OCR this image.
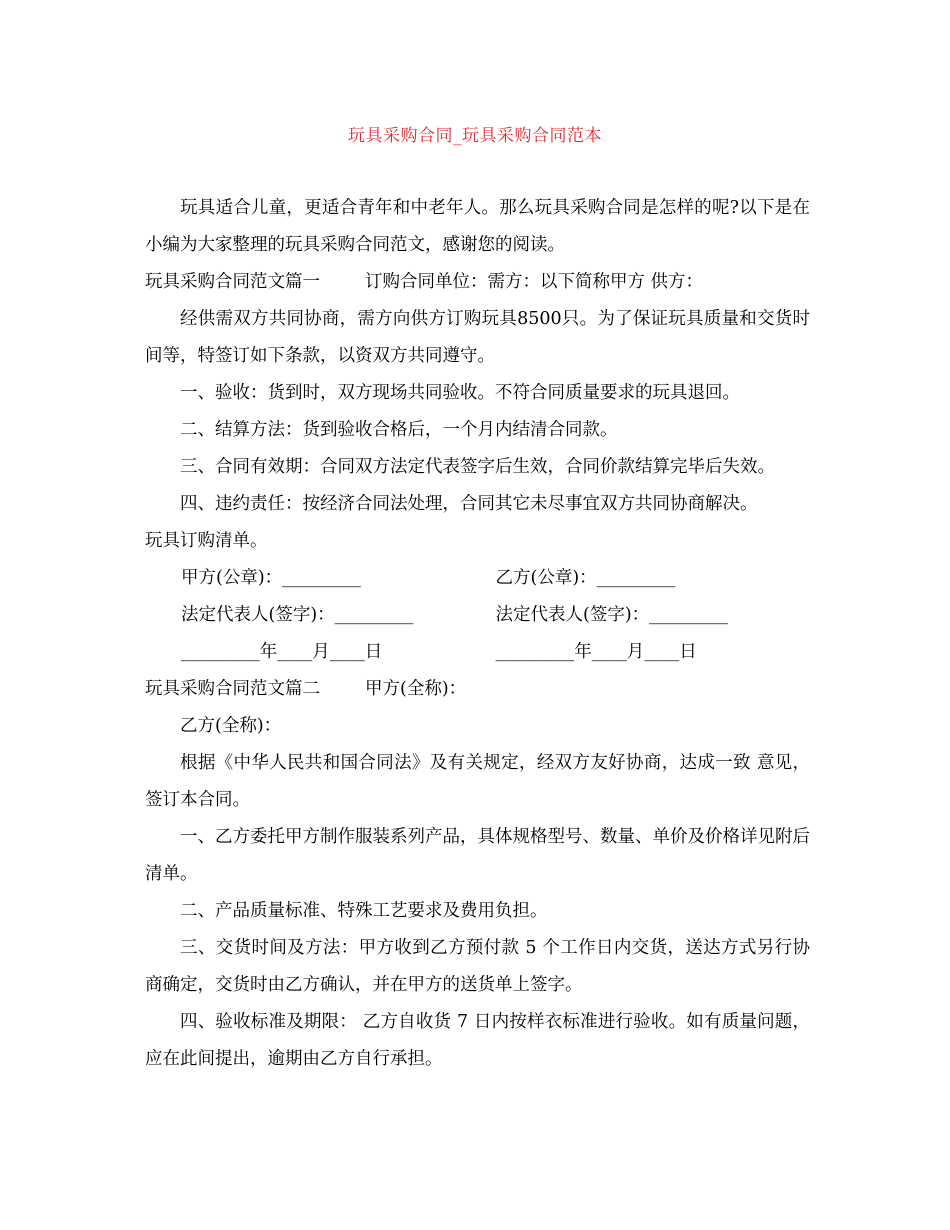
玩具采购合同_玩具采购合同范本

玩具适合儿童，更适合青年和中老年人。那么玩具采购合同是怎样的呢?以下是在小编为大家整理的玩具采购合同范文，感谢您的阅读。

玩具采购合同范文篇一	订购合同单位：需方：以下简称甲方 供方：

经供需双方共同协商，需方向供方订购玩具8500只。为了保证玩具质量和交货时间等，特签订如下条款，以资双方共同遵守。

一、验收：货到时，双方现场共同验收。不符合同质量要求的玩具退回。

二、结算方法：货到验收合格后，一个月内结清合同款。

三、合同有效期：合同双方法定代表签字后生效，合同价款结算完毕后失效。

四、违约责任：按经济合同法处理，合同其它未尽事宜双方共同协商解决。

玩具订购清单。

甲方(公章)：_________	乙方(公章)：_________
法定代表人(签字)：_________	法定代表人(签字)：_________
_________年____月____日	_________年____月____日

玩具采购合同范文篇二	甲方(全称)：

乙方(全称)：

根据《中华人民共和国合同法》及有关规定，经双方友好协商，达成一致 意见，签订本合同。

一、乙方委托甲方制作服装系列产品，具体规格型号、数量、单价及价格详见附后清单。

二、产品质量标准、特殊工艺要求及费用负担。

三、交货时间及方法：甲方收到乙方预付款 5 个工作日内交货，送达方式另行协商确定，交货时由乙方确认，并在甲方的送货单上签字。

四、验收标准及期限： 乙方自收货 7 日内按样衣标准进行验收。如有质量问题，应在此间提出，逾期由乙方自行承担。
